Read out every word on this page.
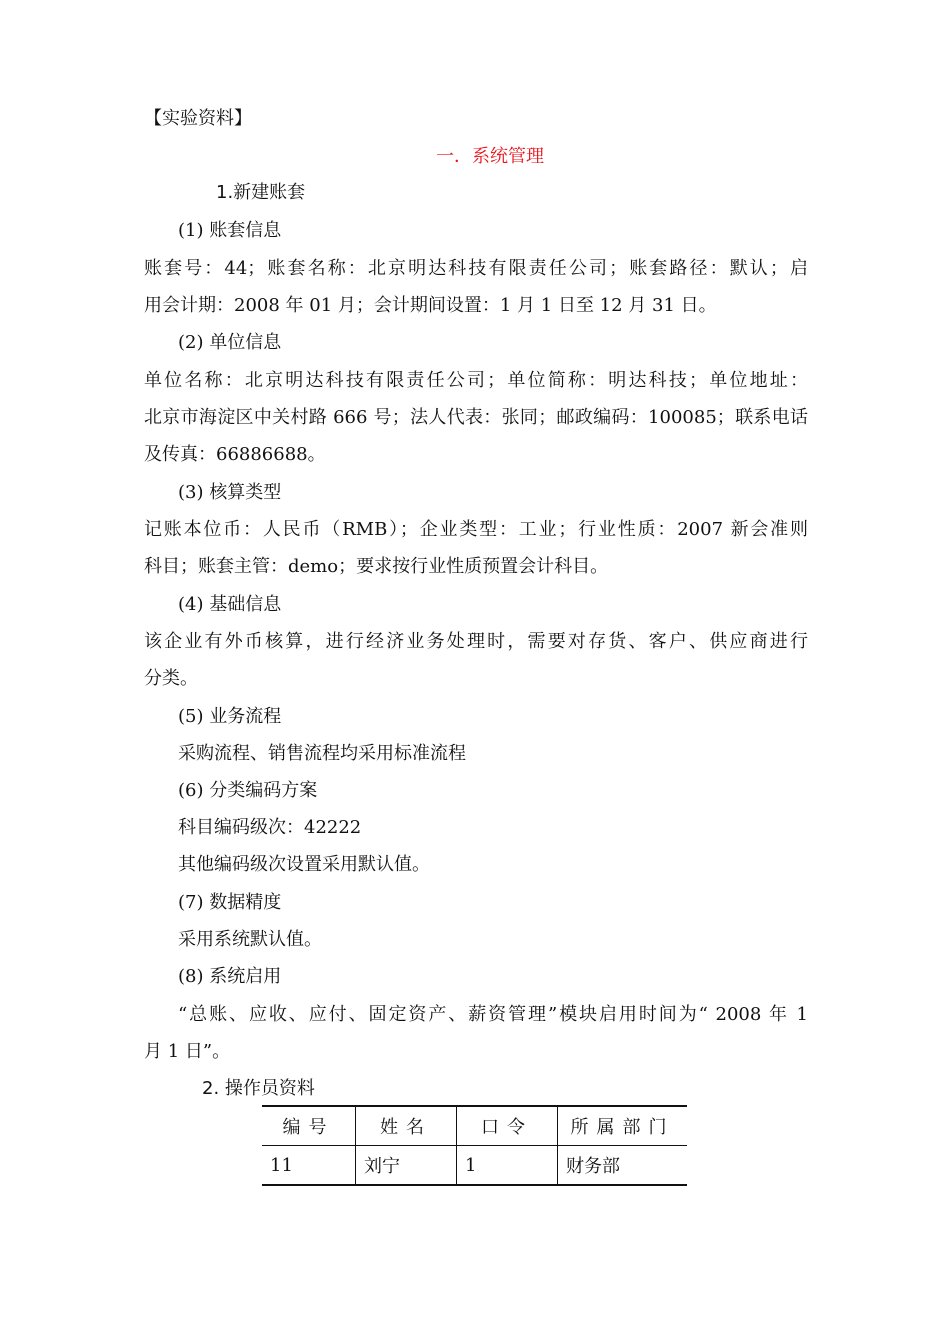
【实验资料】
一．系统管理
1.新建账套
(1) 账套信息
账套号：44；账套名称：北京明达科技有限责任公司；账套路径：默认；启
用会计期：2008 年 01 月；会计期间设置：1 月 1 日至 12 月 31 日。
(2) 单位信息
单位名称：北京明达科技有限责任公司；单位简称：明达科技；单位地址：
北京市海淀区中关村路 666 号；法人代表：张同；邮政编码：100085；联系电话
及传真：66886688。
(3) 核算类型
记账本位币：人民币（RMB）；企业类型：工业；行业性质：2007 新会准则
科目；账套主管：demo；要求按行业性质预置会计科目。
(4) 基础信息
该企业有外币核算，进行经济业务处理时，需要对存货、客户、供应商进行
分类。
(5) 业务流程
采购流程、销售流程均采用标准流程
(6) 分类编码方案
科目编码级次：42222
其他编码级次设置采用默认值。
(7) 数据精度
采用系统默认值。
(8) 系统启用
“总账、应收、应付、固定资产、薪资管理”模块启用时间为“ 2008 年 1
月 1 日”。
2. 操作员资料
编号	姓名	口令	所属部门
11	刘宁	1	财务部
